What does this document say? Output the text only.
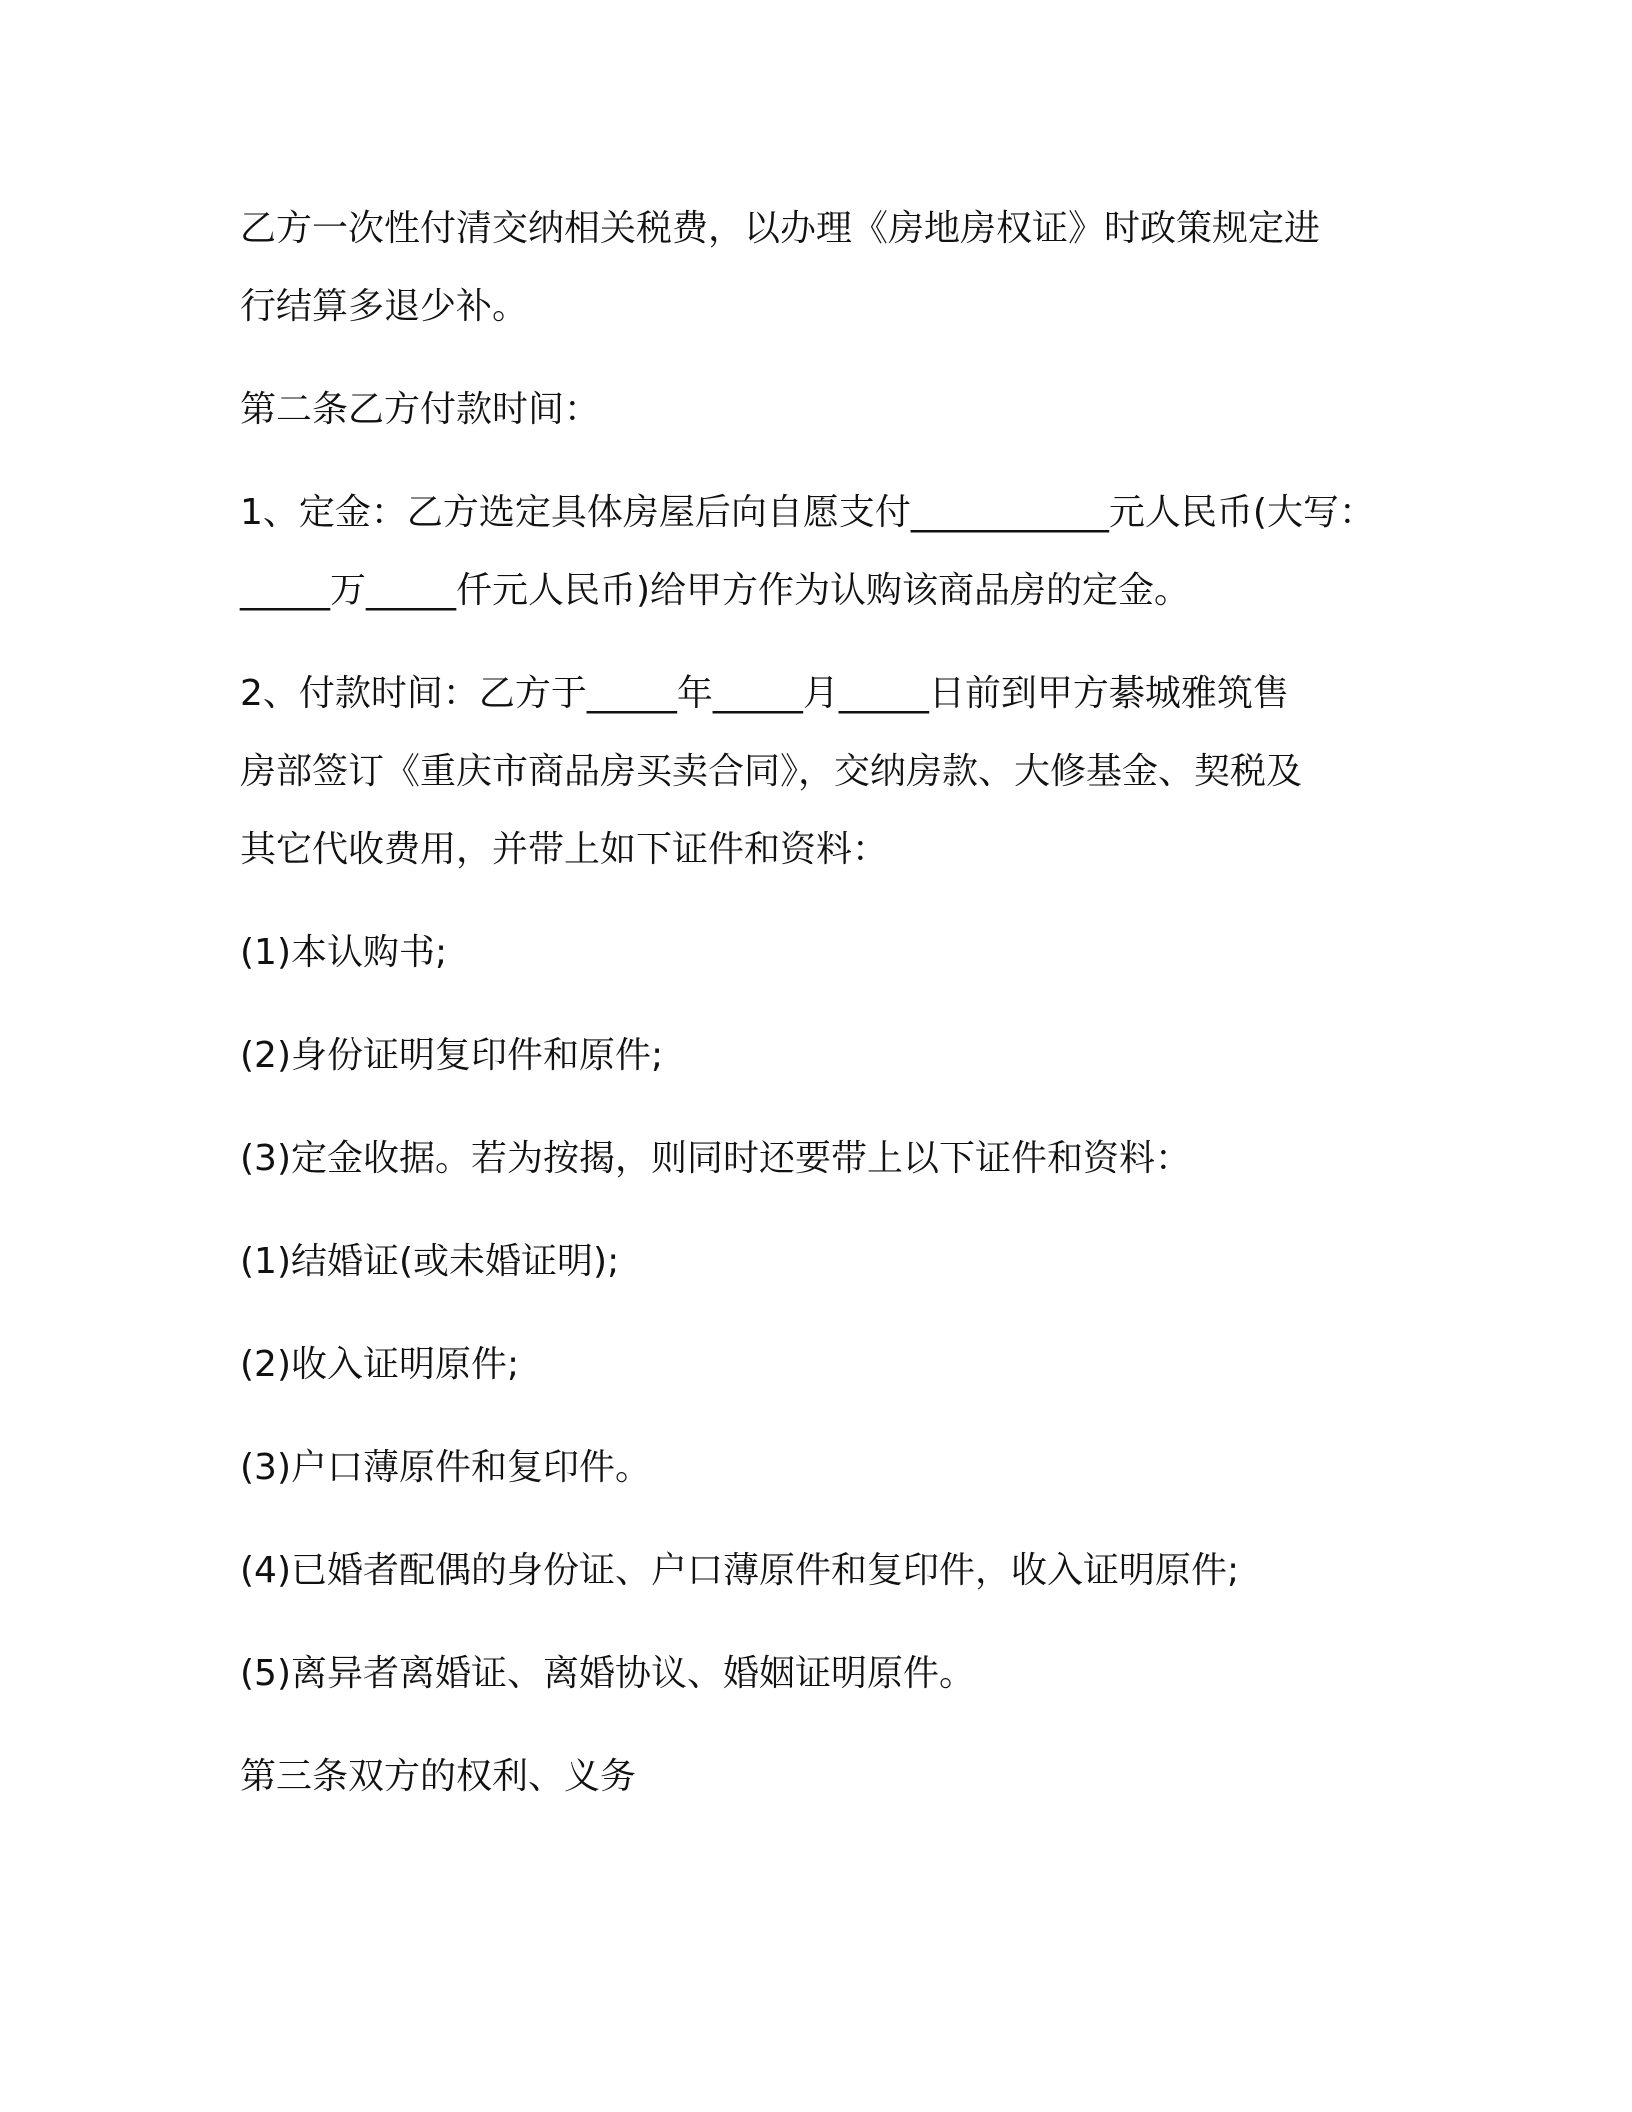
乙方一次性付清交纳相关税费，以办理《房地房权证》时政策规定进
行结算多退少补。
第二条乙方付款时间：
1、定金：乙方选定具体房屋后向自愿支付___________元人民币(大写：
_____万_____仟元人民币)给甲方作为认购该商品房的定金。
2、付款时间：乙方于_____年_____月_____日前到甲方綦城雅筑售
房部签订《重庆市商品房买卖合同》，交纳房款、大修基金、契税及
其它代收费用，并带上如下证件和资料：
(1)本认购书;
(2)身份证明复印件和原件;
(3)定金收据。若为按揭，则同时还要带上以下证件和资料：
(1)结婚证(或未婚证明);
(2)收入证明原件;
(3)户口薄原件和复印件。
(4)已婚者配偶的身份证、户口薄原件和复印件，收入证明原件;
(5)离异者离婚证、离婚协议、婚姻证明原件。
第三条双方的权利、义务
